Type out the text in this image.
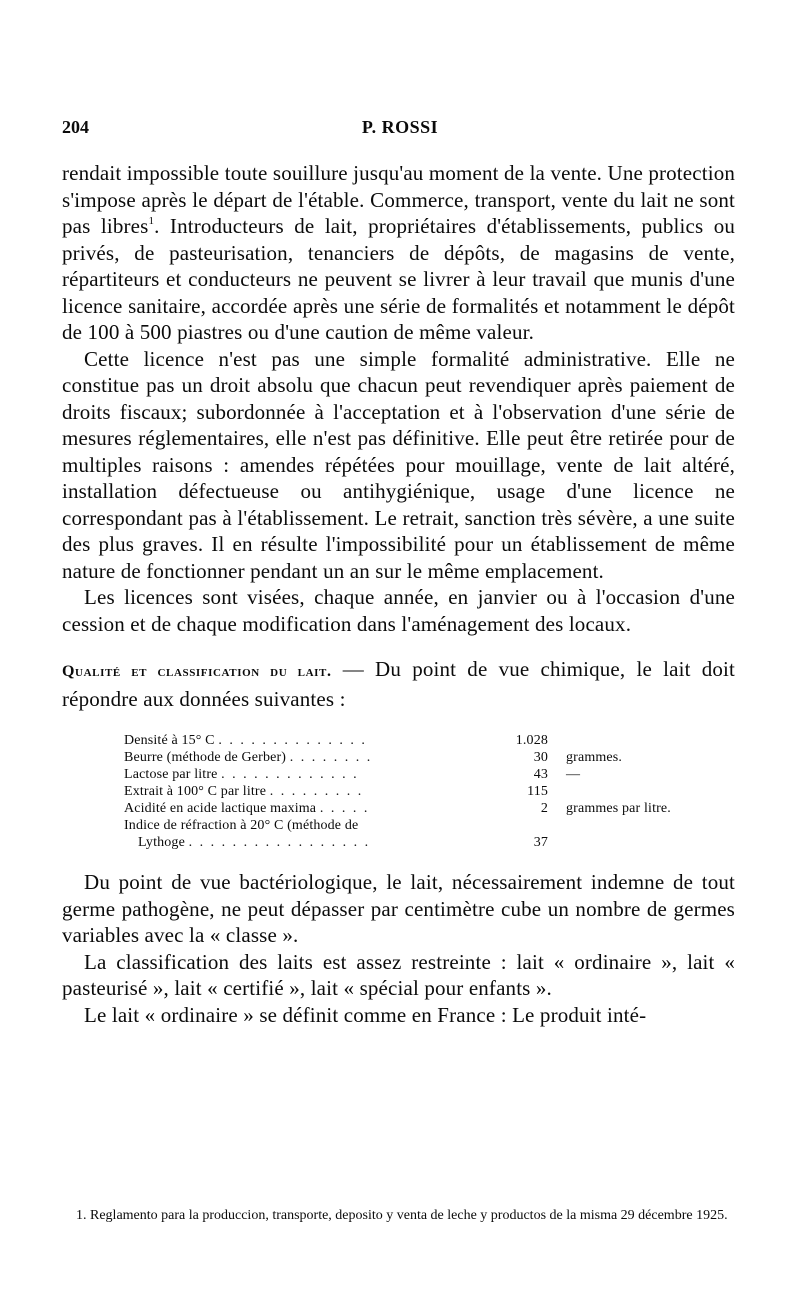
204	P. ROSSI

rendait impossible toute souillure jusqu'au moment de la vente. Une protection s'impose après le départ de l'étable. Commerce, transport, vente du lait ne sont pas libres$^1$. Introducteurs de lait, propriétaires d'établissements, publics ou privés, de pasteurisation, tenanciers de dépôts, de magasins de vente, répartiteurs et conducteurs ne peuvent se livrer à leur travail que munis d'une licence sanitaire, accordée après une série de formalités et notamment le dépôt de 100 à 500 piastres ou d'une caution de même valeur.

Cette licence n'est pas une simple formalité administrative. Elle ne constitue pas un droit absolu que chacun peut revendiquer après paiement de droits fiscaux; subordonnée à l'acceptation et à l'observation d'une série de mesures réglementaires, elle n'est pas définitive. Elle peut être retirée pour de multiples raisons : amendes répétées pour mouillage, vente de lait altéré, installation défectueuse ou antihygiénique, usage d'une licence ne correspondant pas à l'établissement. Le retrait, sanction très sévère, a une suite des plus graves. Il en résulte l'impossibilité pour un établissement de même nature de fonctionner pendant un an sur le même emplacement.

Les licences sont visées, chaque année, en janvier ou à l'occasion d'une cession et de chaque modification dans l'aménagement des locaux.

Qualité et classification du lait. — Du point de vue chimique, le lait doit répondre aux données suivantes :

Densité à 15° C . . . . . . . . . . . . . .	1.028	
Beurre (méthode de Gerber) . . . . . . . .	30	grammes.
Lactose par litre . . . . . . . . . . . . .	43	—
Extrait à 100° C par litre . . . . . . . . .	115	
Acidité en acide lactique maxima . . . . .	2	grammes par litre.
Indice de réfraction à 20° C (méthode de		
Lythoge . . . . . . . . . . . . . . . . .	37	

Du point de vue bactériologique, le lait, nécessairement indemne de tout germe pathogène, ne peut dépasser par centimètre cube un nombre de germes variables avec la « classe ».

La classification des laits est assez restreinte : lait « ordinaire », lait « pasteurisé », lait « certifié », lait « spécial pour enfants ».

Le lait « ordinaire » se définit comme en France : Le produit inté-

1. Reglamento para la produccion, transporte, deposito y venta de leche y productos de la misma 29 décembre 1925.
